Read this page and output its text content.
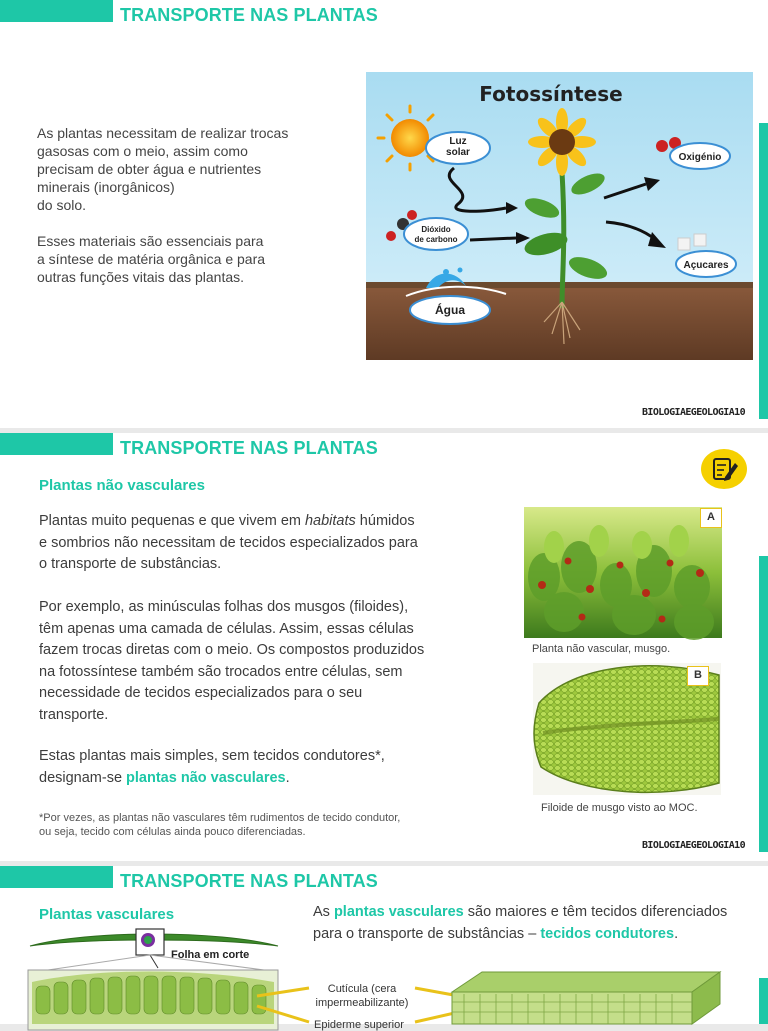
TRANSPORTE NAS PLANTAS
As plantas necessitam de realizar trocas
gasosas com o meio, assim como
precisam de obter água e nutrientes
minerais (inorgânicos)
do solo.
Esses materiais são essenciais para
a síntese de matéria orgânica e para
outras funções vitais das plantas.
Fotossíntese
Luz solar
Dióxido
de carbono
Oxigénio
Açucares
Água
BIOLOGIAEGEOLOGIA10
TRANSPORTE NAS PLANTAS
Plantas não vasculares
Plantas muito pequenas e que vivem em habitats húmidos
e sombrios não necessitam de tecidos especializados para
o transporte de substâncias.
Por exemplo, as minúsculas folhas dos musgos (filoides),
têm apenas uma camada de células. Assim, essas células
fazem trocas diretas com o meio. Os compostos produzidos
na fotossíntese também são trocados entre células, sem
necessidade de tecidos especializados para o seu
transporte.
Estas plantas mais simples, sem tecidos condutores*,
designam-se plantas não vasculares.
*Por vezes, as plantas não vasculares têm rudimentos de tecido condutor,
ou seja, tecido com células ainda pouco diferenciadas.
A
Planta não vascular, musgo.
B
Filoide de musgo visto ao MOC.
BIOLOGIAEGEOLOGIA10
TRANSPORTE NAS PLANTAS
Plantas vasculares	As plantas vasculares são maiores e têm tecidos diferenciados
para o transporte de substâncias – tecidos condutores.
Folha em corte
Cutícula (cera
impermeabilizante)
Epiderme superior
